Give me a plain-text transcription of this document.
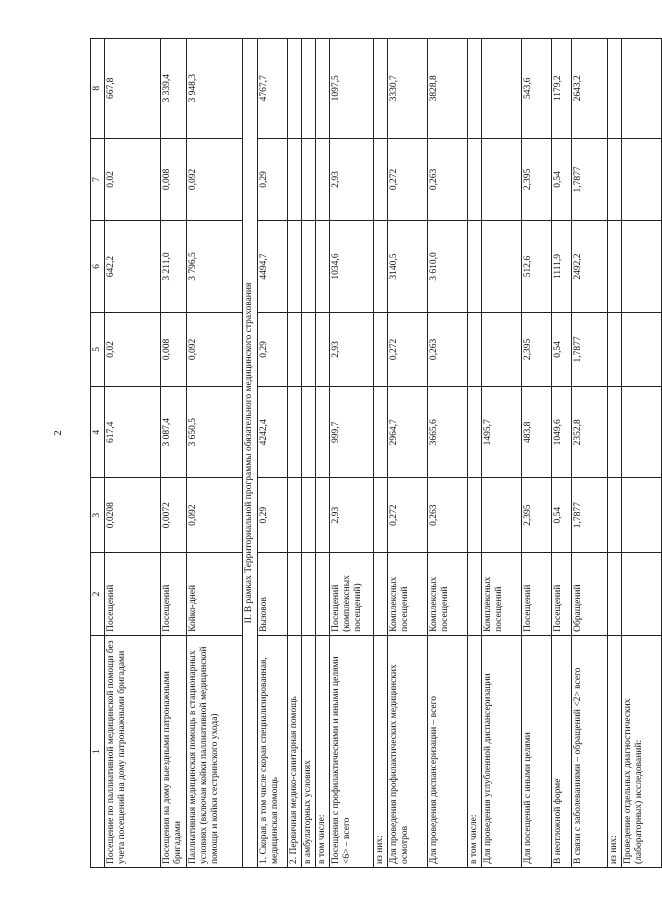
2
1	2	3	4	5	6	7	8
Посещение по паллиативной медицинской помощи без учета посещений на дому патронажными бригадами	Посещений	0,0208	617,4	0,02	642,2	0,02	667,8
Посещения на дому выездными патронажными бригадами	Посещений	0,0072	3 087,4	0,008	3 211,0	0,008	3 339,4
Паллиативная медицинская помощь в стационарных условиях (включая койки паллиативной медицинской помощи и койки сестринского ухода)	Койко-дней	0,092	3 650,5	0,092	3 796,5	0,092	3 948,3
II. В рамках Территориальной программы обязательного медицинского страхования							
1. Скорая, в том числе скорая специализированная, медицинская помощь	Вызовов	0,29	4242,4	0,29	4494,7	0,29	4767,7
2. Первичная медико-санитарная помощь							
в амбулаторных условиях							
в том числе:							
Посещения с профилактическими и иными целями <6> – всего	Посещений (комплексных посещений)	2,93	999,7	2,93	1034,6	2,93	1097,5
из них:							
Для проведения профилактических медицинских осмотров	Комплексных посещений	0,272	2964,7	0,272	3140,5	0,272	3330,7
Для проведения диспансеризации – всего	Комплексных посещений	0,263	3665,6	0,263	3 610,0	0,263	3828,8
в том числе:							
Для проведения углубленной диспансеризации	Комплексных посещений		1495,7				
Для посещений с иными целями	Посещений	2,395	483,8	2,395	512,6	2,395	543,6
В неотложной форме	Посещений	0,54	1049,6	0,54	1111,9	0,54	1179,2
В связи с заболеваниями – обращений <2> всего	Обращений	1,7877	2352,8	1,7877	2492,2	1,7877	2643,2
из них:							
Проведение отдельных диагностических (лабораторных) исследований:							
